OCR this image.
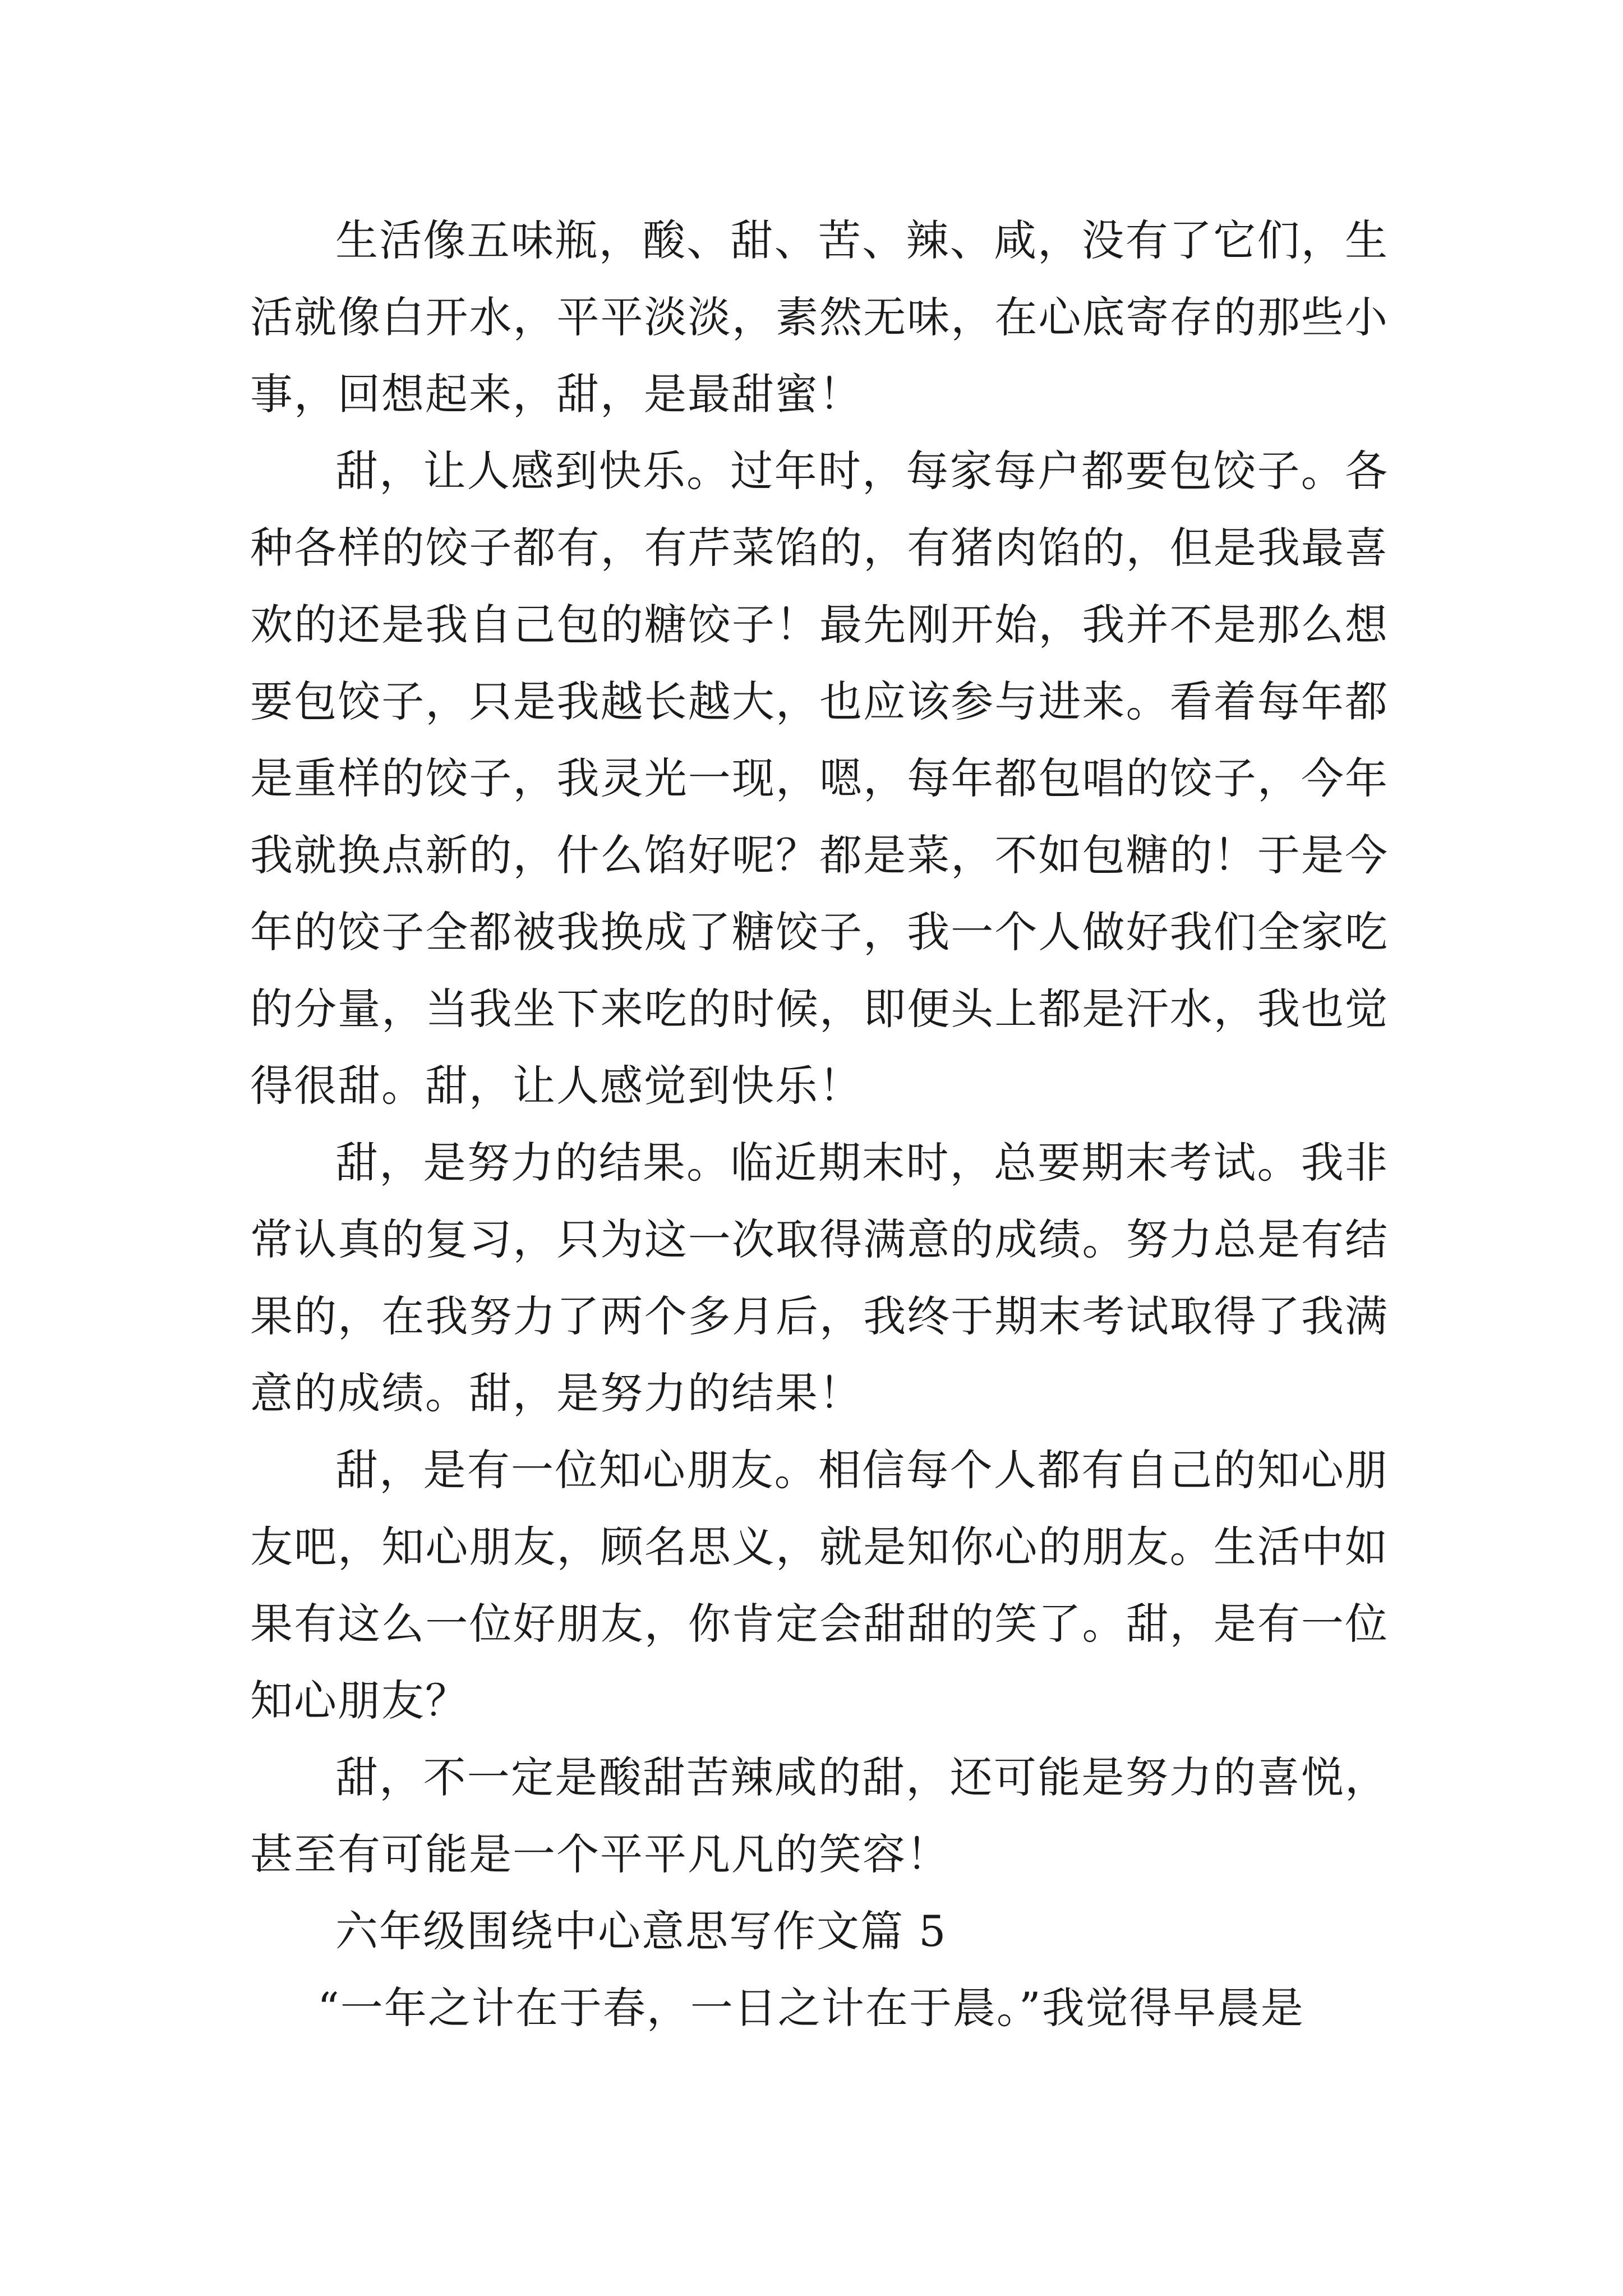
生活像五味瓶，酸、甜、苦、辣、咸，没有了它们，生活就像白开水，平平淡淡，素然无味，在心底寄存的那些小事，回想起来，甜，是最甜蜜！

甜，让人感到快乐。过年时，每家每户都要包饺子。各种各样的饺子都有，有芹菜馅的，有猪肉馅的，但是我最喜欢的还是我自己包的糖饺子！最先刚开始，我并不是那么想要包饺子，只是我越长越大，也应该参与进来。看着每年都是重样的饺子，我灵光一现，嗯，每年都包唱的饺子，今年我就换点新的，什么馅好呢？都是菜，不如包糖的！于是今年的饺子全都被我换成了糖饺子，我一个人做好我们全家吃的分量，当我坐下来吃的时候，即便头上都是汗水，我也觉得很甜。甜，让人感觉到快乐！

甜，是努力的结果。临近期末时，总要期末考试。我非常认真的复习，只为这一次取得满意的成绩。努力总是有结果的，在我努力了两个多月后，我终于期末考试取得了我满意的成绩。甜，是努力的结果！

甜，是有一位知心朋友。相信每个人都有自己的知心朋友吧，知心朋友，顾名思义，就是知你心的朋友。生活中如果有这么一位好朋友，你肯定会甜甜的笑了。甜，是有一位知心朋友？

甜，不一定是酸甜苦辣咸的甜，还可能是努力的喜悦，甚至有可能是一个平平凡凡的笑容！

六年级围绕中心意思写作文篇 5

“一年之计在于春，一日之计在于晨。”我觉得早晨是
